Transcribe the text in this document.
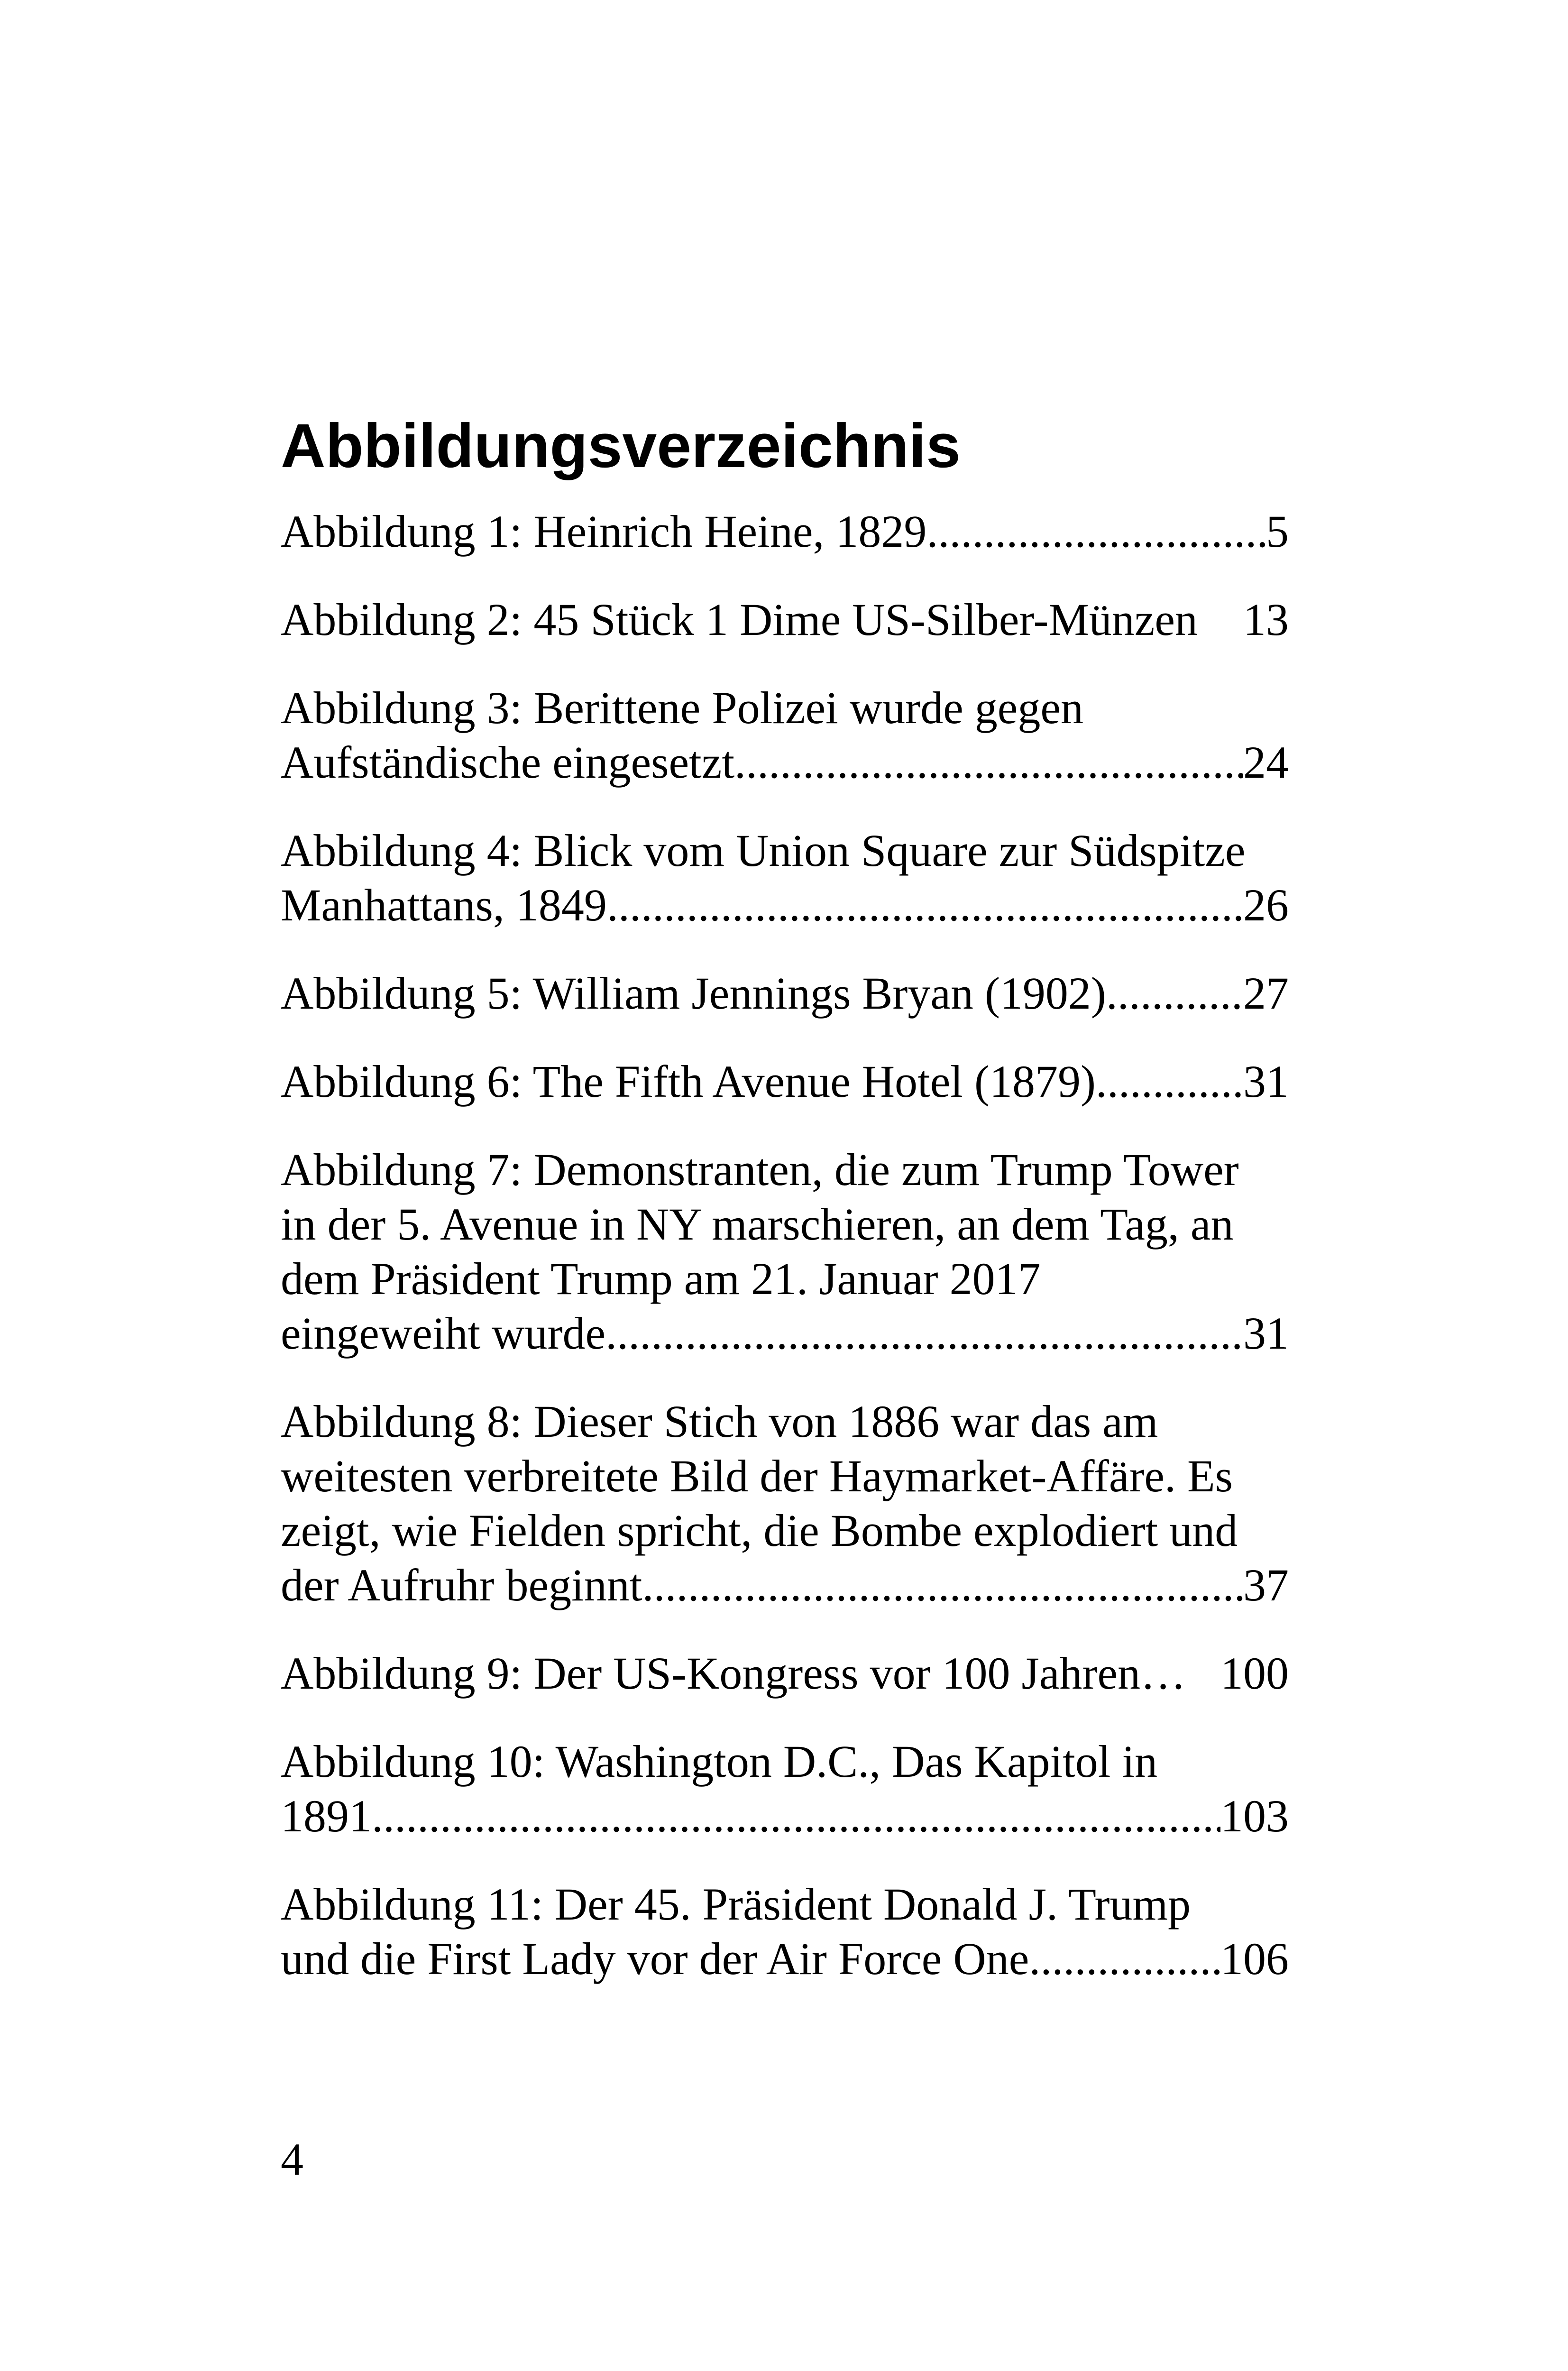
Abbildungsverzeichnis
Abbildung 1: Heinrich Heine, 1829 .....	5
Abbildung 2: 45 Stück 1 Dime US-Silber-Münzen 13
Abbildung 3: Berittene Polizei wurde gegen
Aufständische eingesetzt .....	24
Abbildung 4: Blick vom Union Square zur Südspitze
Manhattans, 1849 .....	26
Abbildung 5: William Jennings Bryan (1902) .....	27
Abbildung 6: The Fifth Avenue Hotel (1879) .....	31
Abbildung 7: Demonstranten, die zum Trump Tower
in der 5. Avenue in NY marschieren, an dem Tag, an
dem Präsident Trump am 21. Januar 2017
eingeweiht wurde .....	31
Abbildung 8: Dieser Stich von 1886 war das am
weitesten verbreitete Bild der Haymarket-Affäre. Es
zeigt, wie Fielden spricht, die Bombe explodiert und
der Aufruhr beginnt .....	37
Abbildung 9: Der US-Kongress vor 100 Jahren… 100
Abbildung 10: Washington D.C., Das Kapitol in
1891 .....	103
Abbildung 11: Der 45. Präsident Donald J. Trump
und die First Lady vor der Air Force One .....	106
4
